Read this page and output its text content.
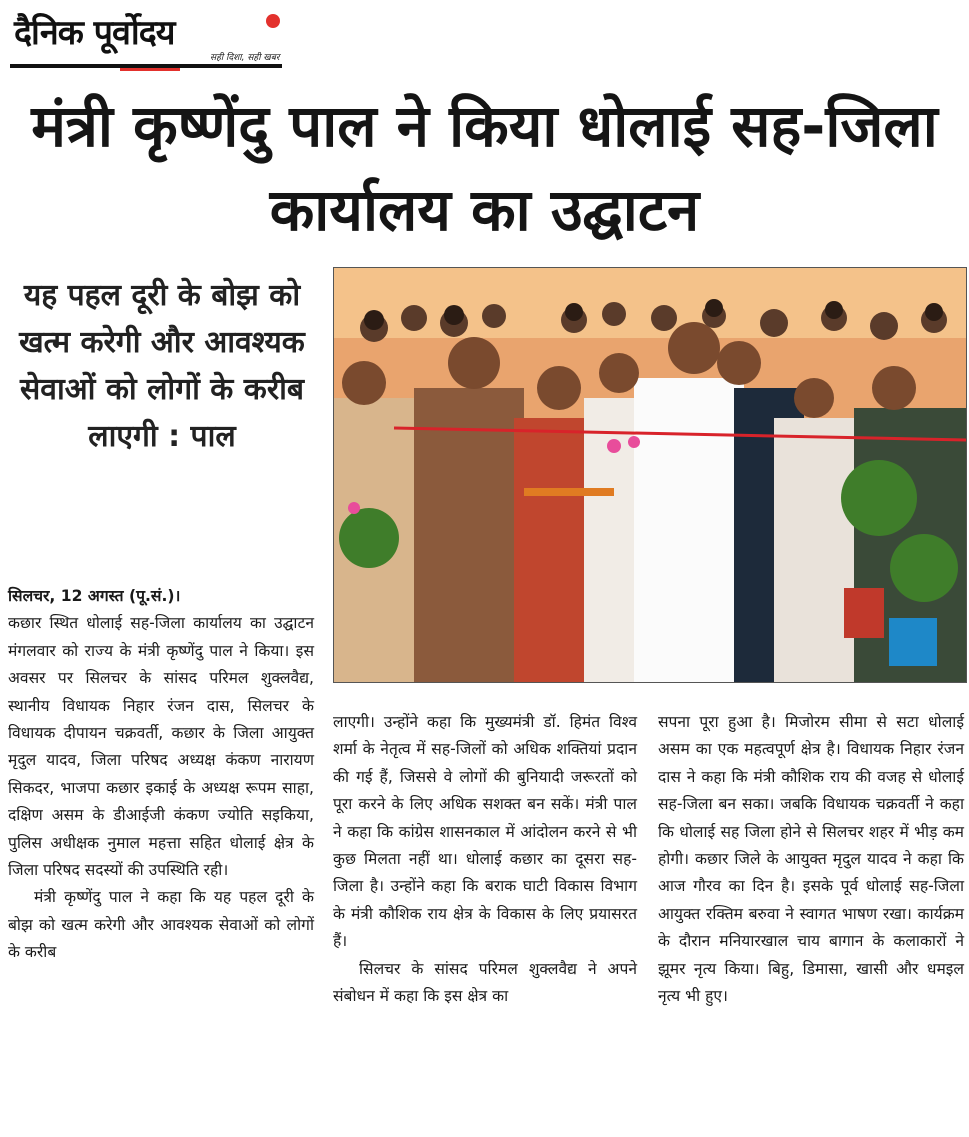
दैनिक पूर्वोदय
सही दिशा, सही खबर
मंत्री कृष्णेंदु पाल ने किया धोलाई सह-जिला कार्यालय का उद्घाटन
यह पहल दूरी के बोझ को खत्म करेगी और आवश्यक सेवाओं को लोगों के करीब लाएगी : पाल

सिलचर, 12 अगस्त (पू.सं.)।

कछार स्थित धोलाई सह-जिला कार्यालय का उद्घाटन मंगलवार को राज्य के मंत्री कृष्णेंदु पाल ने किया। इस अवसर पर सिलचर के सांसद परिमल शुक्लवैद्य, स्थानीय विधायक निहार रंजन दास, सिलचर के विधायक दीपायन चक्रवर्ती, कछार के जिला आयुक्त मृदुल यादव, जिला परिषद अध्यक्ष कंकण नारायण सिकदर, भाजपा कछार इकाई के अध्यक्ष रूपम साहा, दक्षिण असम के डीआईजी कंकण ज्योति सइकिया, पुलिस अधीक्षक नुमाल महत्ता सहित धोलाई क्षेत्र के जिला परिषद सदस्यों की उपस्थिति रही।

मंत्री कृष्णेंदु पाल ने कहा कि यह पहल दूरी के बोझ को खत्म करेगी और आवश्यक सेवाओं को लोगों के करीब

लाएगी। उन्होंने कहा कि मुख्यमंत्री डॉ. हिमंत विश्व शर्मा के नेतृत्व में सह-जिलों को अधिक शक्तियां प्रदान की गई हैं, जिससे वे लोगों की बुनियादी जरूरतों को पूरा करने के लिए अधिक सशक्त बन सकें। मंत्री पाल ने कहा कि कांग्रेस शासनकाल में आंदोलन करने से भी कुछ मिलता नहीं था। धोलाई कछार का दूसरा सह-जिला है। उन्होंने कहा कि बराक घाटी विकास विभाग के मंत्री कौशिक राय क्षेत्र के विकास के लिए प्रयासरत हैं।

सिलचर के सांसद परिमल शुक्लवैद्य ने अपने संबोधन में कहा कि इस क्षेत्र का

सपना पूरा हुआ है। मिजोरम सीमा से सटा धोलाई असम का एक महत्वपूर्ण क्षेत्र है। विधायक निहार रंजन दास ने कहा कि मंत्री कौशिक राय की वजह से धोलाई सह-जिला बन सका। जबकि विधायक चक्रवर्ती ने कहा कि धोलाई सह जिला होने से सिलचर शहर में भीड़ कम होगी। कछार जिले के आयुक्त मृदुल यादव ने कहा कि आज गौरव का दिन है। इसके पूर्व धोलाई सह-जिला आयुक्त रक्तिम बरुवा ने स्वागत भाषण रखा। कार्यक्रम के दौरान मनियारखाल चाय बागान के कलाकारों ने झूमर नृत्य किया। बिहु, डिमासा, खासी और धमइल नृत्य भी हुए।
